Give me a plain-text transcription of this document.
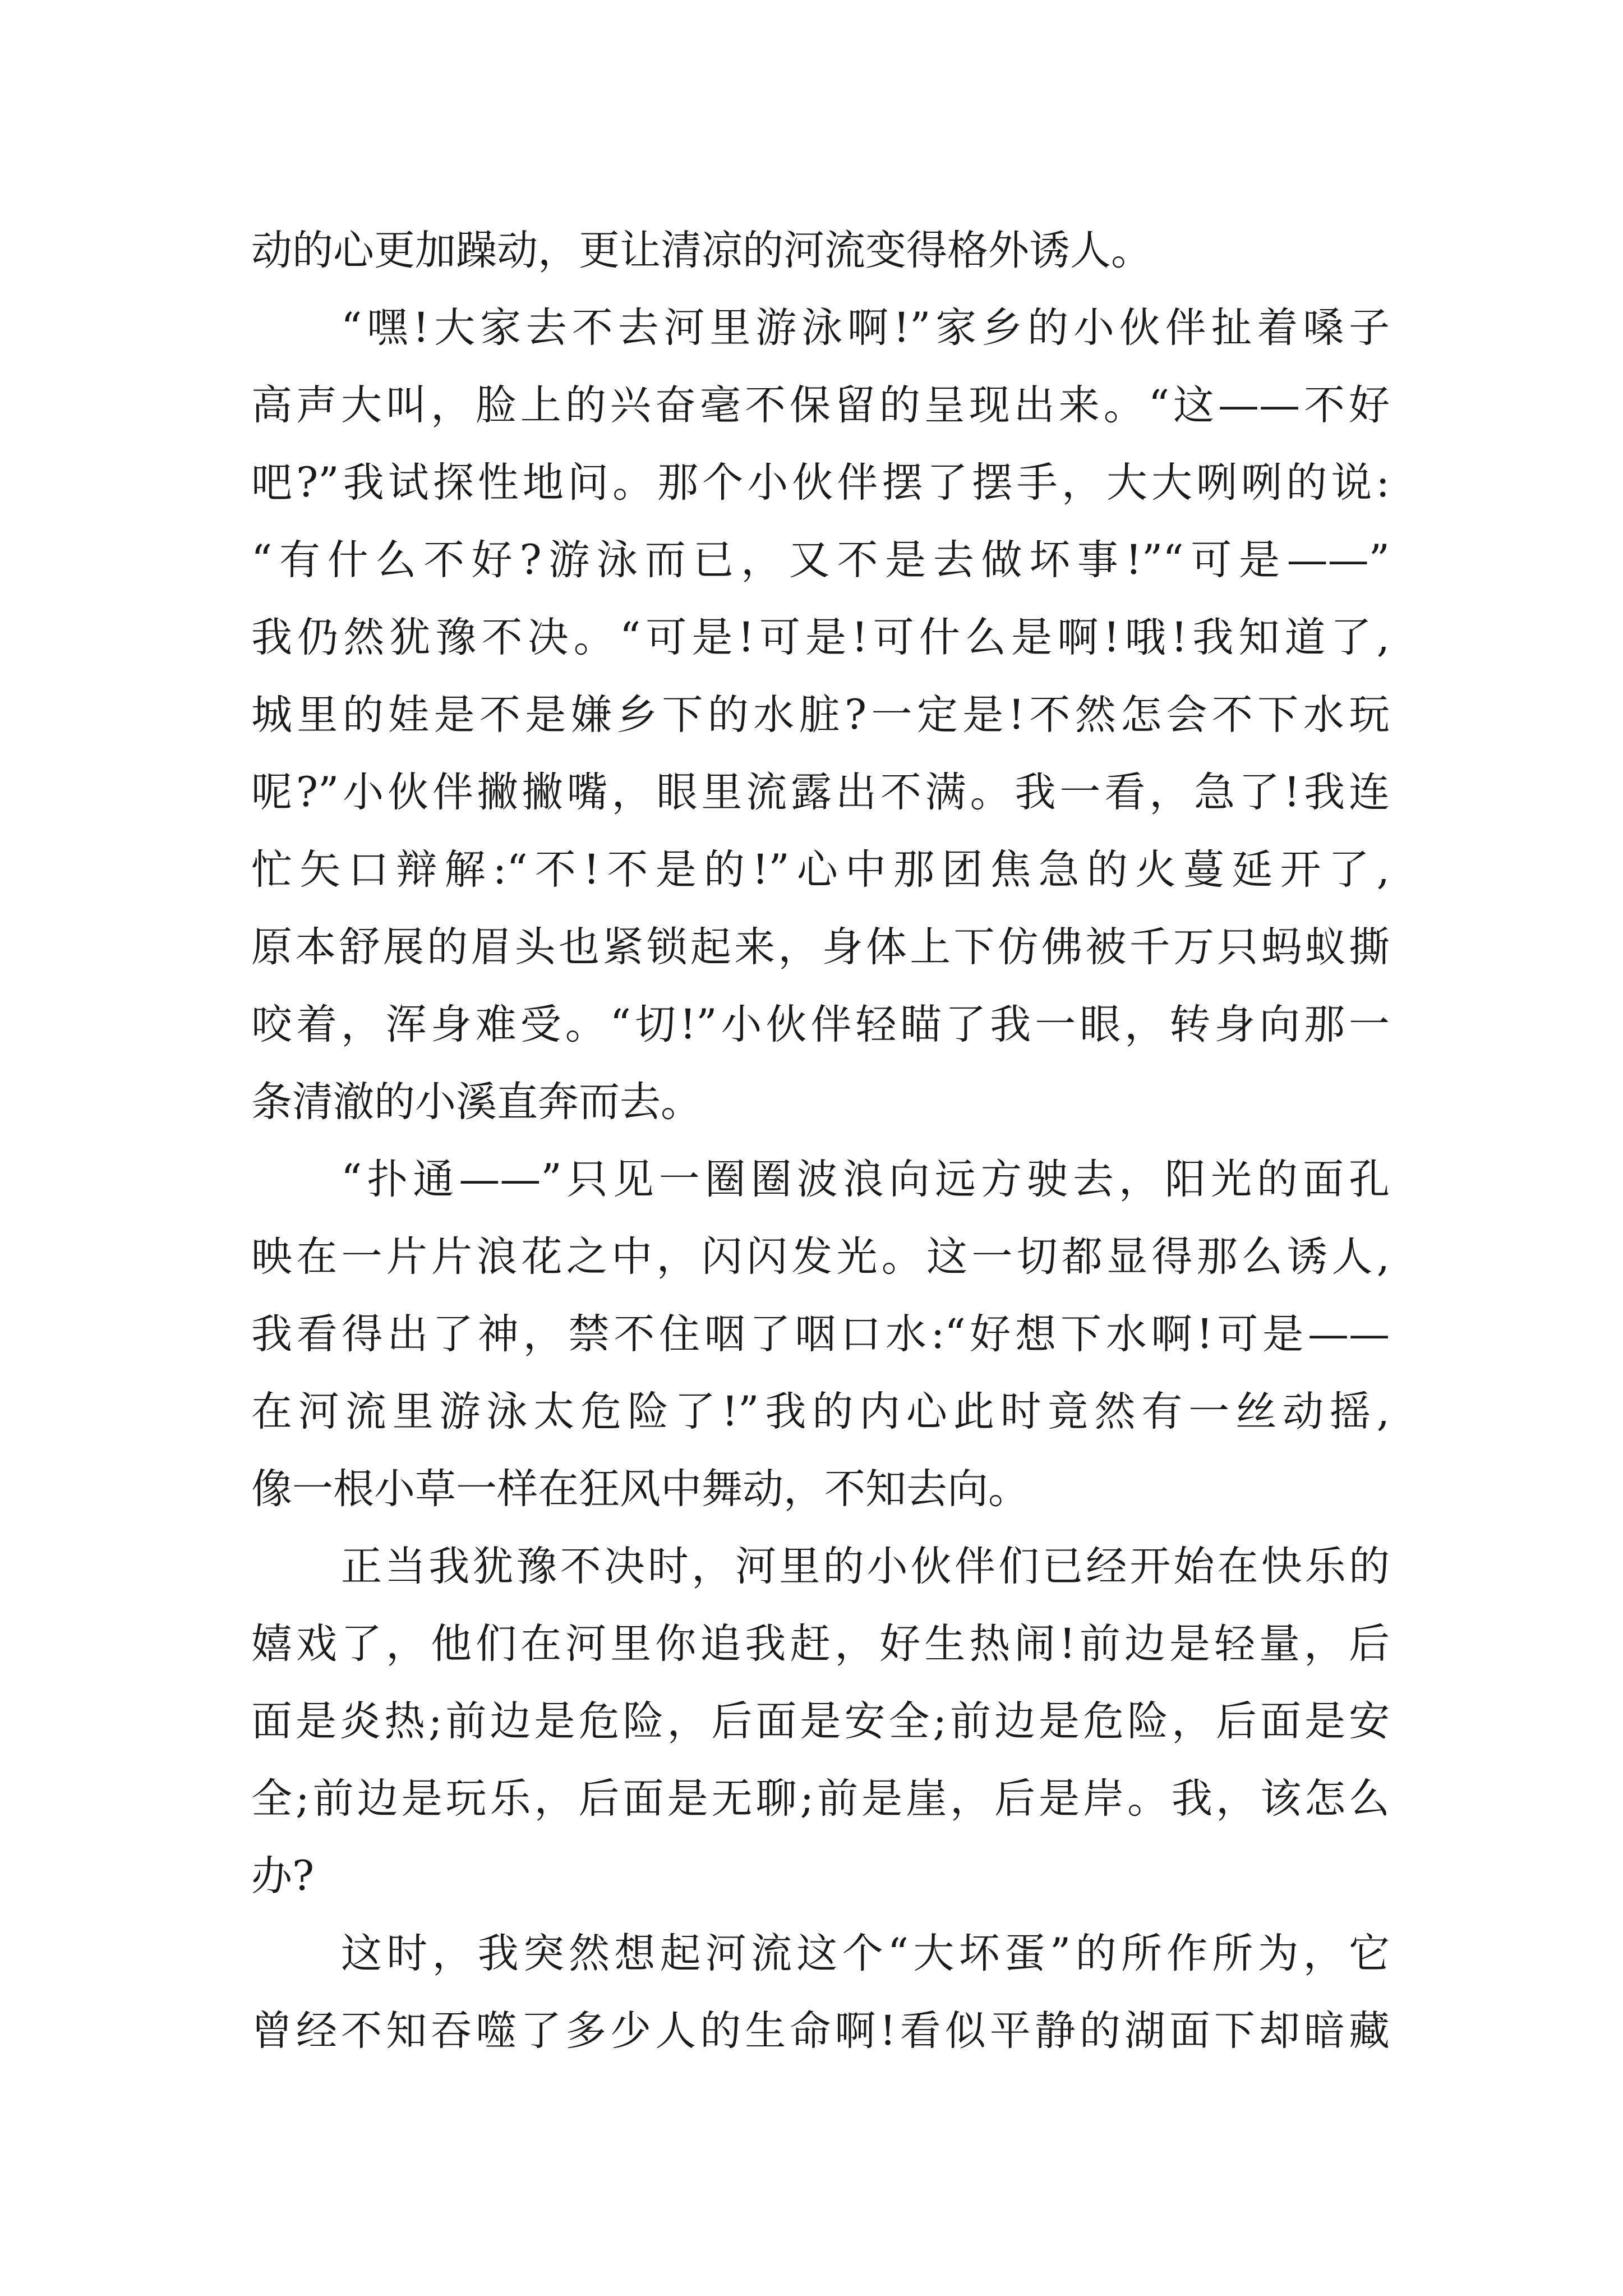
动的心更加躁动，更让清凉的河流变得格外诱人。
“嘿!大家去不去河里游泳啊!”家乡的小伙伴扯着嗓子
高声大叫，脸上的兴奋毫不保留的呈现出来。“这——不好
吧?”我试探性地问。那个小伙伴摆了摆手，大大咧咧的说:
“有什么不好?游泳而已，又不是去做坏事!”“可是——”
我仍然犹豫不决。“可是!可是!可什么是啊!哦!我知道了,
城里的娃是不是嫌乡下的水脏?一定是!不然怎会不下水玩
呢?”小伙伴撇撇嘴，眼里流露出不满。我一看，急了!我连
忙矢口辩解:“不!不是的!”心中那团焦急的火蔓延开了,
原本舒展的眉头也紧锁起来，身体上下仿佛被千万只蚂蚁撕
咬着，浑身难受。“切!”小伙伴轻瞄了我一眼，转身向那一
条清澈的小溪直奔而去。
“扑通——”只见一圈圈波浪向远方驶去，阳光的面孔
映在一片片浪花之中，闪闪发光。这一切都显得那么诱人,
我看得出了神，禁不住咽了咽口水:“好想下水啊!可是——
在河流里游泳太危险了!”我的内心此时竟然有一丝动摇,
像一根小草一样在狂风中舞动，不知去向。
正当我犹豫不决时，河里的小伙伴们已经开始在快乐的
嬉戏了，他们在河里你追我赶，好生热闹!前边是轻量，后
面是炎热;前边是危险，后面是安全;前边是危险，后面是安
全;前边是玩乐，后面是无聊;前是崖，后是岸。我，该怎么
办?
这时，我突然想起河流这个“大坏蛋”的所作所为，它
曾经不知吞噬了多少人的生命啊!看似平静的湖面下却暗藏
